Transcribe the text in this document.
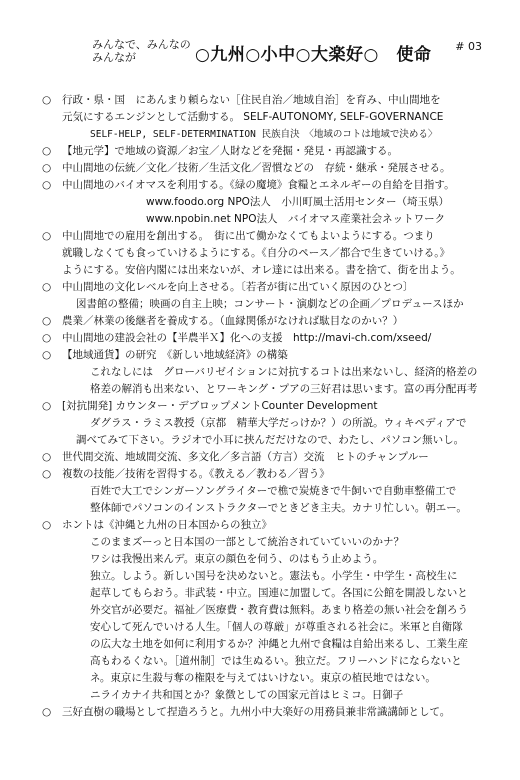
みんなで、みんなの
みんなが	○九州○小中○大楽好○　使命 # 03
○	行政・県・国　にあんまり頼らない［住民自治／地域自治］を育み、中山間地を
元気にするエンジンとして活動する。 SELF-AUTONOMY, SELF-GOVERNANCE
SELF-HELP, SELF-DETERMINATION 民族自決　〈地域のコトは地域で決める〉
○	【地元学】で地域の資源／お宝／人財などを発掘・発見・再認識する。
○	中山間地の伝統／文化／技術／生活文化／習慣などの　存続・継承・発展させる。
○	中山間地のバイオマスを利用する。《緑の魔境》食糧とエネルギーの自給を目指す。
www.foodo.org NPO法人　小川町風土活用センター（埼玉県）
www.npobin.net NPO法人　バイオマス産業社会ネットワーク
○	中山間地での雇用を創出する。　街に出て働かなくてもよいようにする。つまり
就職しなくても食っていけるようにする。《自分のペース／都合で生きていける。》
ようにする。安倍内閣には出来ないが、オレ達には出来る。書を捨て、街を出よう。
○	中山間地の文化レベルを向上させる。〔若者が街に出ていく原因のひとつ〕
図書館の整備；映画の自主上映；コンサート・演劇などの企画／プロデュースほか
○	農業／林業の後継者を養成する。（血縁関係がなければ駄目なのかい？）
○	中山間地の建設会社の【半農半Ｘ】化への支援　http://mavi-ch.com/xseed/
○	【地域通貨】の研究　《新しい地域経済》の構築
これなしには　グローバリゼイションに対抗するコトは出来ないし、経済的格差の
格差の解消も出来ない、とワーキング・プアの三好君は思います。富の再分配再考
○	[対抗開発] カウンター・デブロップメントCounter Development
ダグラス・ラミス教授（京都　精華大学だっけか？）の所説。ウィキペディアで
調べてみて下さい。ラジオで小耳に挟んだだけなので、わたし、パソコン無いし。
○	世代間交流、地域間交流、多文化／多言語（方言）交流　ヒトのチャンプルー
○	複数の技能／技術を習得する。《教える／教わる／習う》
百姓で大工でシンガーソングライターで樵で炭焼きで牛飼いで自動車整備工で
整体師でパソコンのインストラクターでときどき主夫。カナリ忙しい。朝エー。
○	ホントは《沖縄と九州の日本国からの独立》
このままズーっと日本国の一部として統治されていていいのかナ？
ワシは我慢出来んデ。東京の顔色を伺う、のはもう止めよう。
独立。しよう。新しい国号を決めないと。憲法も。小学生・中学生・高校生に
起草してもらおう。非武装・中立。国連に加盟して。各国に公館を開設しないと
外交官が必要だ。福祉／医療費・教育費は無料。あまり格差の無い社会を創ろう
安心して死んでいける人生。「個人の尊厳」が尊重される社会に。米軍と自衛隊
の広大な土地を如何に利用するか？沖縄と九州で食糧は自給出来るし、工業生産
高もわるくない。［道州制］では生ぬるい。独立だ。フリーハンドにならないと
ネ。東京に生殺与奪の権限を与えてはいけない。東京の植民地ではない。
ニライカナイ共和国とか？象徴としての国家元首はヒミコ。日御子
○	三好直樹の職場として捏造ろうと。九州小中大楽好の用務員兼非常識講師として。
